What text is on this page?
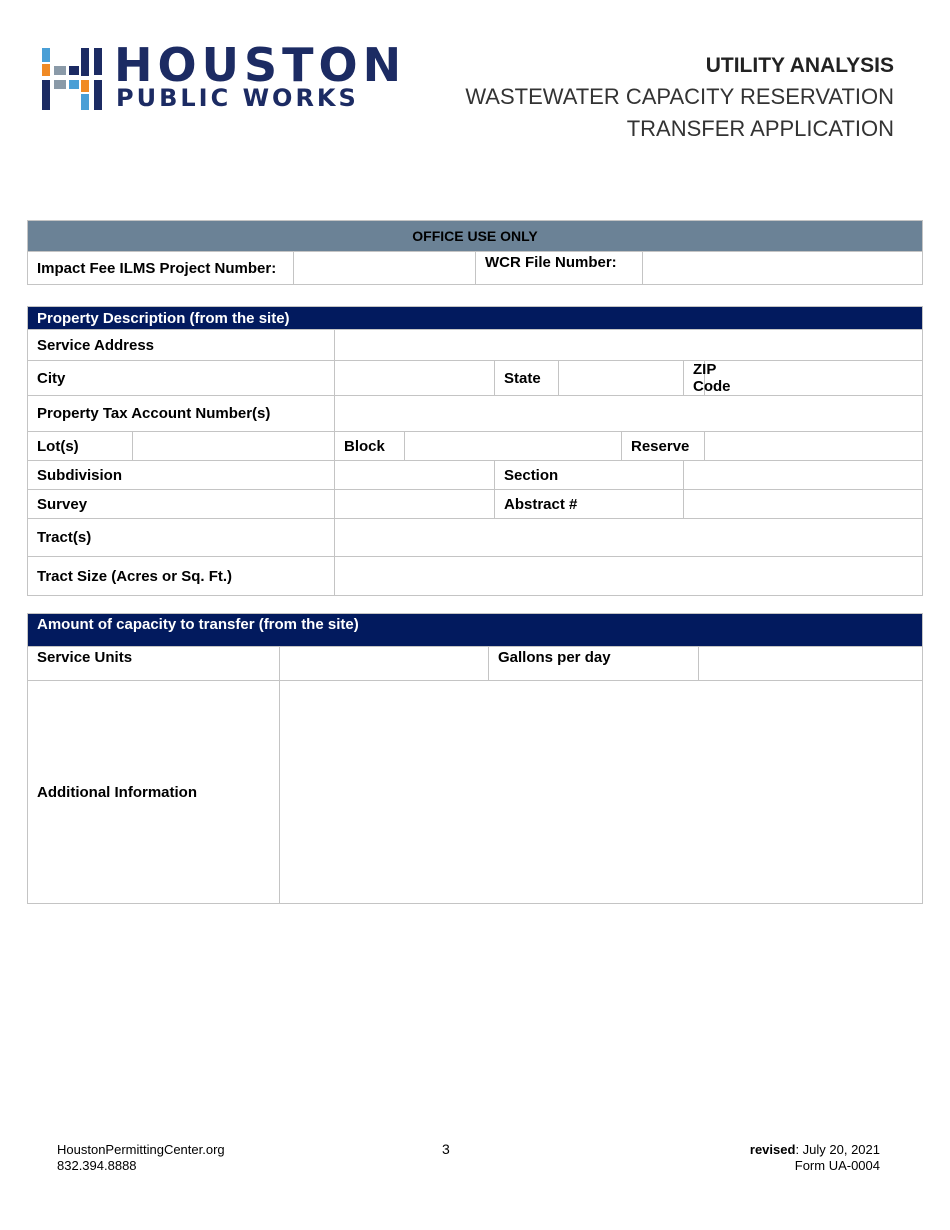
HOUSTON
PUBLIC WORKS
UTILITY ANALYSIS
WASTEWATER CAPACITY RESERVATION
TRANSFER APPLICATION
OFFICE USE ONLY
Impact Fee ILMS Project Number:		WCR File Number:	
Property Description (from the site)								
Service Address								
City				State			ZIP Code	
Property Tax Account Number(s)								
Lot(s)		Block				Reserve		
Subdivision				Section				
Survey				Abstract #				
Tract(s)								
Tract Size (Acres or Sq. Ft.)								
Amount of capacity to transfer (from the site)			
Service Units		Gallons per day	
Additional Information			
HoustonPermittingCenter.org
832.394.8888
3	revised: July 20, 2021
Form UA-0004
